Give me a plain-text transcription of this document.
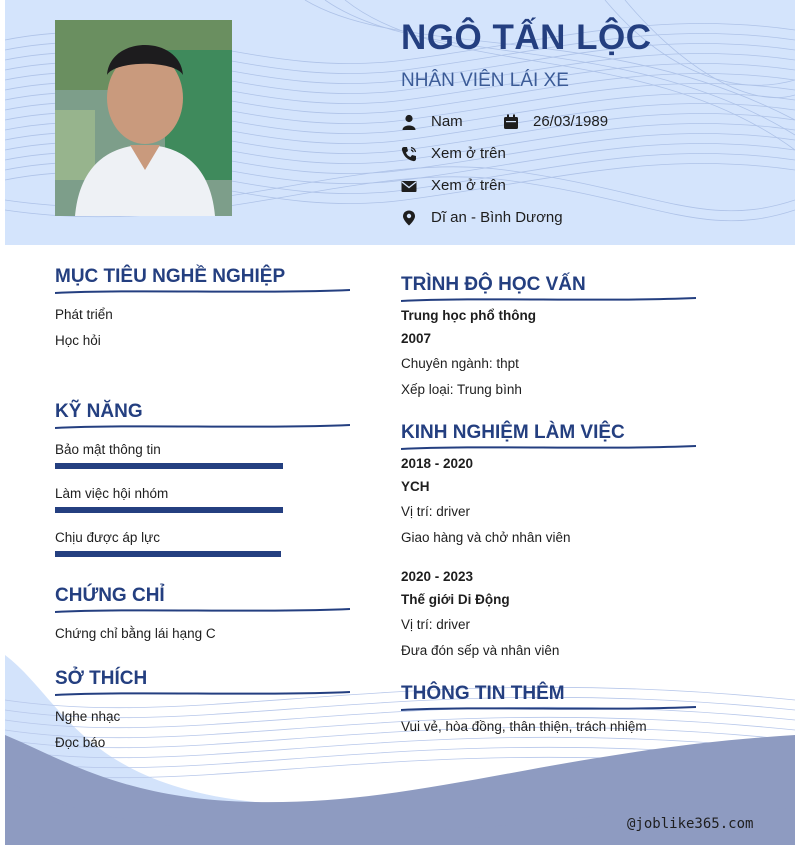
NGÔ TẤN LỘC
NHÂN VIÊN LÁI XE
Nam	26/03/1989
Xem ở trên
Xem ở trên
Dĩ an - Bình Dương
MỤC TIÊU NGHỀ NGHIỆP
Phát triển
Học hỏi
KỸ NĂNG
Bảo mật thông tin
Làm việc hội nhóm
Chịu được áp lực
CHỨNG CHỈ
Chứng chỉ bằng lái hạng C
SỞ THÍCH
Nghe nhạc
Đọc báo
TRÌNH ĐỘ HỌC VẤN
Trung học phổ thông
2007
Chuyên ngành: thpt
Xếp loại: Trung bình
KINH NGHIỆM LÀM VIỆC
2018 - 2020
YCH
Vị trí: driver
Giao hàng và chở nhân viên
2020 - 2023
Thế giới Di Động
Vị trí: driver
Đưa đón sếp và nhân viên
THÔNG TIN THÊM
Vui vẻ, hòa đồng, thân thiện, trách nhiệm
@joblike365.com
